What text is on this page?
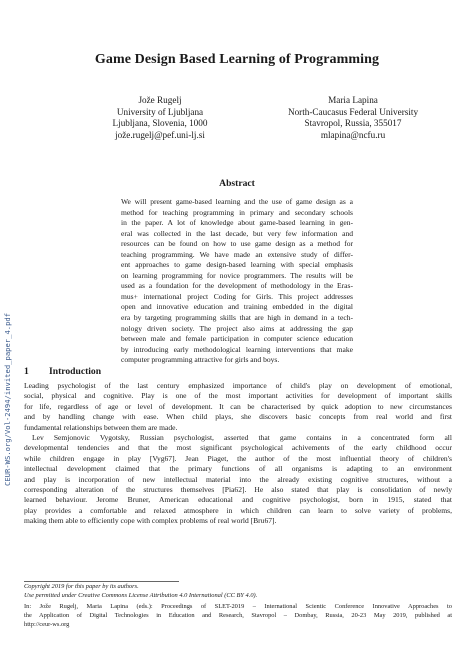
CEUR-WS.org/Vol-2494/invited_paper_4.pdf
Game Design Based Learning of Programming
Jože Rugelj
University of Ljubljana
Ljubljana, Slovenia, 1000
jože.rugelj@pef.uni-lj.si
Maria Lapina
North-Caucasus Federal University
Stavropol, Russia, 355017
mlapina@ncfu.ru
Abstract
We will present game-based learning and the use of game design as a
method for teaching programming in primary and secondary schools
in the paper. A lot of knowledge about game-based learning in gen-
eral was collected in the last decade, but very few information and
resources can be found on how to use game design as a method for
teaching programming. We have made an extensive study of differ-
ent approaches to game design-based learning with special emphasis
on learning programming for novice programmers. The results will be
used as a foundation for the development of methodology in the Eras-
mus+ international project Coding for Girls. This project addresses
open and innovative education and training embedded in the digital
era by targeting programming skills that are high in demand in a tech-
nology driven society. The project also aims at addressing the gap
between male and female participation in computer science education
by introducing early methodological learning interventions that make
computer programming attractive for girls and boys.
1 Introduction
Leading psychologist of the last century emphasized importance of child's play on development of emotional,
social, physical and cognitive. Play is one of the most important activities for development of important skills
for life, regardless of age or level of development. It can be characterised by quick adoption to new circumstances
and by handling change with ease. When child plays, she discovers basic concepts from real world and first
fundamental relationships between them are made.
Lev Semjonovic Vygotsky, Russian psychologist, asserted that game contains in a concentrated form all
developmental tendencies and that the most significant psychological achivements of the early childhood occur
while children engage in play [Vyg67]. Jean Piaget, the author of the most influential theory of children's
intellectual development claimed that the primary functions of all organisms is adapting to an environment
and play is incorporation of new intellectual material into the already existing cognitive structures, without a
corresponding alteration of the structures themselves [Pia62]. He also stated that play is consolidation of newly
learned behaviour. Jerome Bruner, American educational and cognitive psychologist, born in 1915, stated that
play provides a comfortable and relaxed atmosphere in which children can learn to solve variety of problems,
making them able to efficiently cope with complex problems of real world [Bru67].
Copyright 2019 for this paper by its authors.
Use permitted under Creative Commons License Attribution 4.0 International (CC BY 4.0).
In: Jože Rugelj, Maria Lapina (eds.): Proceedings of SLET-2019 – International Scientic Conference Innovative Approaches to
the Application of Digital Technologies in Education and Research, Stavropol – Dombay, Russia, 20-23 May 2019, published at
http://ceur-ws.org
